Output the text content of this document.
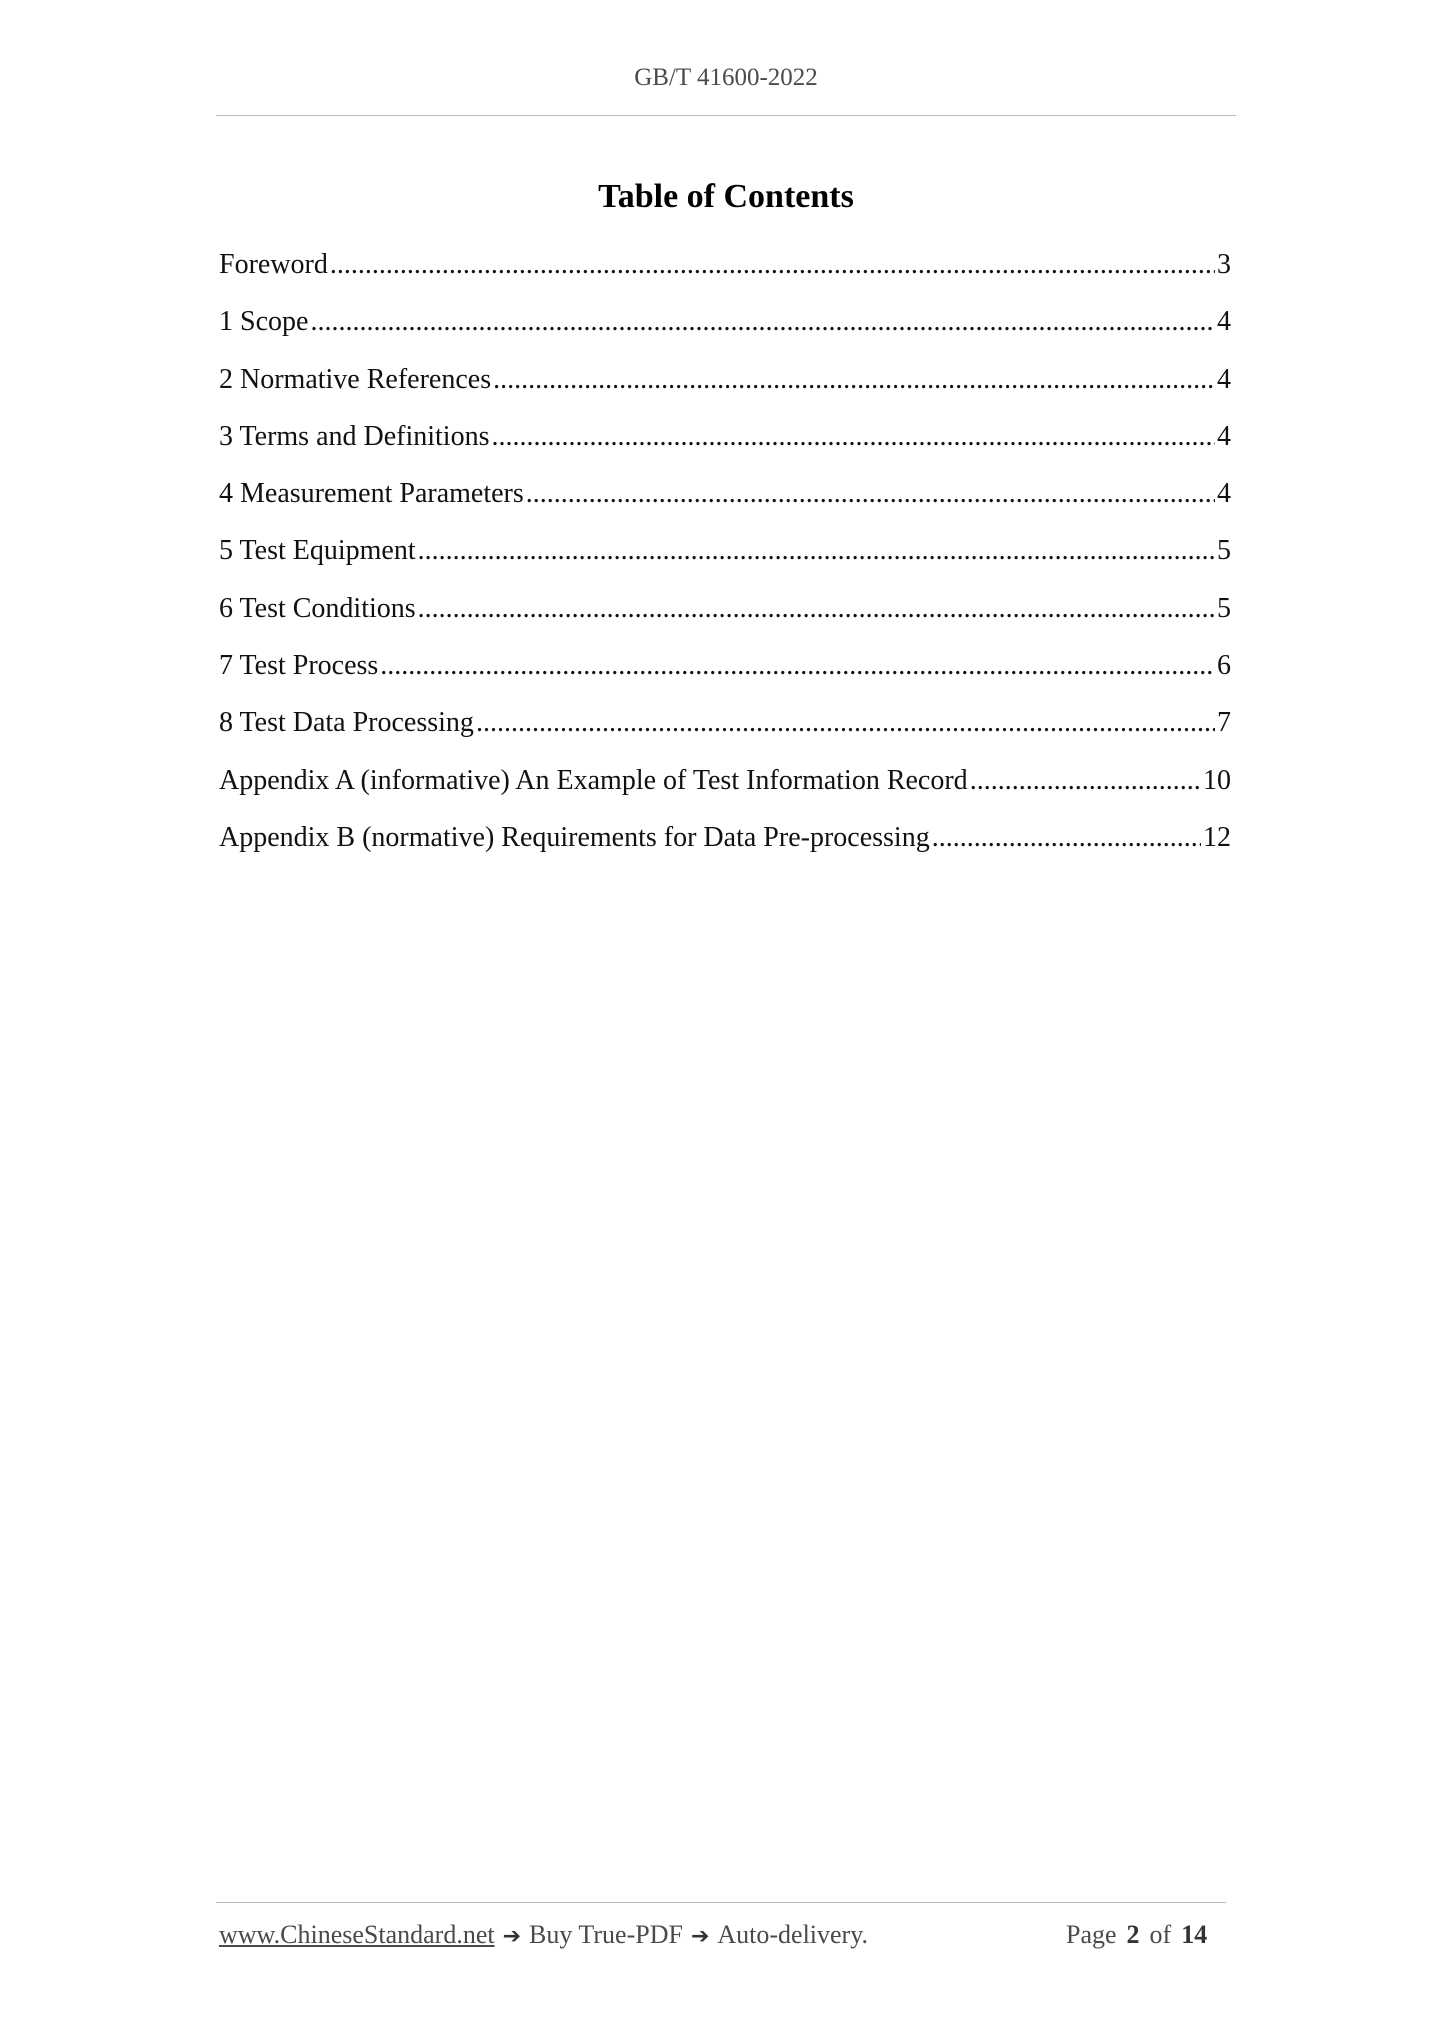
GB/T 41600-2022
Table of Contents
Foreword .....	3
1 Scope .....	4
2 Normative References .....	4
3 Terms and Definitions .....	4
4 Measurement Parameters .....	4
5 Test Equipment .....	5
6 Test Conditions .....	5
7 Test Process .....	6
8 Test Data Processing .....	7
Appendix A (informative) An Example of Test Information Record .....	10
Appendix B (normative) Requirements for Data Pre-processing .....	12
www.ChineseStandard.net ➔ Buy True-PDF ➔ Auto-delivery.	Page 2 of 14
